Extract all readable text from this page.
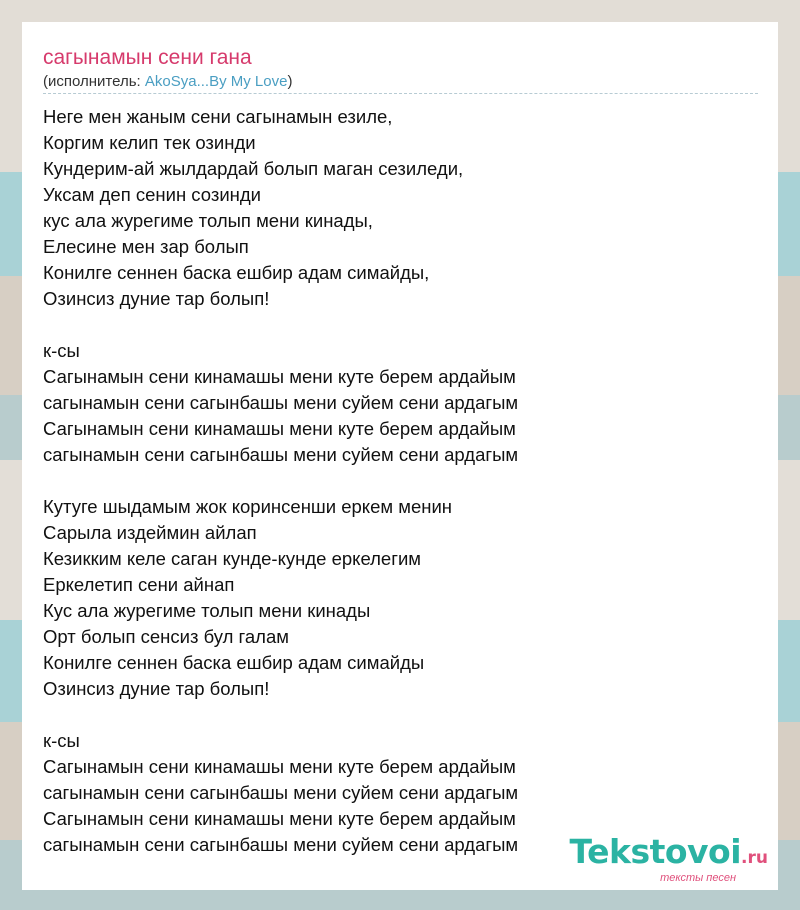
сагынамын сени гана
(исполнитель: AkoSya...By My Love)
Неге мен жаным сени сагынамын езиле,
Коргим келип тек озинди
Кундерим-ай жылдардай болып маган сезиледи,
Уксам деп сенин созинди
кус ала журегиме толып мени кинады,
Елесине мен зар болып
Конилге сеннен баска ешбир адам симайды,
Озинсиз дуние тар болып!
к-сы
Сагынамын сени кинамашы мени куте берем ардайым
сагынамын сени сагынбашы мени суйем сени ардагым
Сагынамын сени кинамашы мени куте берем ардайым
сагынамын сени сагынбашы мени суйем сени ардагым
Кутуге шыдамым жок коринсенши еркем менин
Сарыла издеймин айлап
Кезикким келе саган кунде-кунде еркелегим
Еркелетип сени айнап
Кус ала журегиме толып мени кинады
Орт болып сенсиз бул галам
Конилге сеннен баска ешбир адам симайды
Озинсиз дуние тар болып!
к-сы
Сагынамын сени кинамашы мени куте берем ардайым
сагынамын сени сагынбашы мени суйем сени ардагым
Сагынамын сени кинамашы мени куте берем ардайым
сагынамын сени сагынбашы мени суйем сени ардагым Tekstovoi.ru
тексты песен
